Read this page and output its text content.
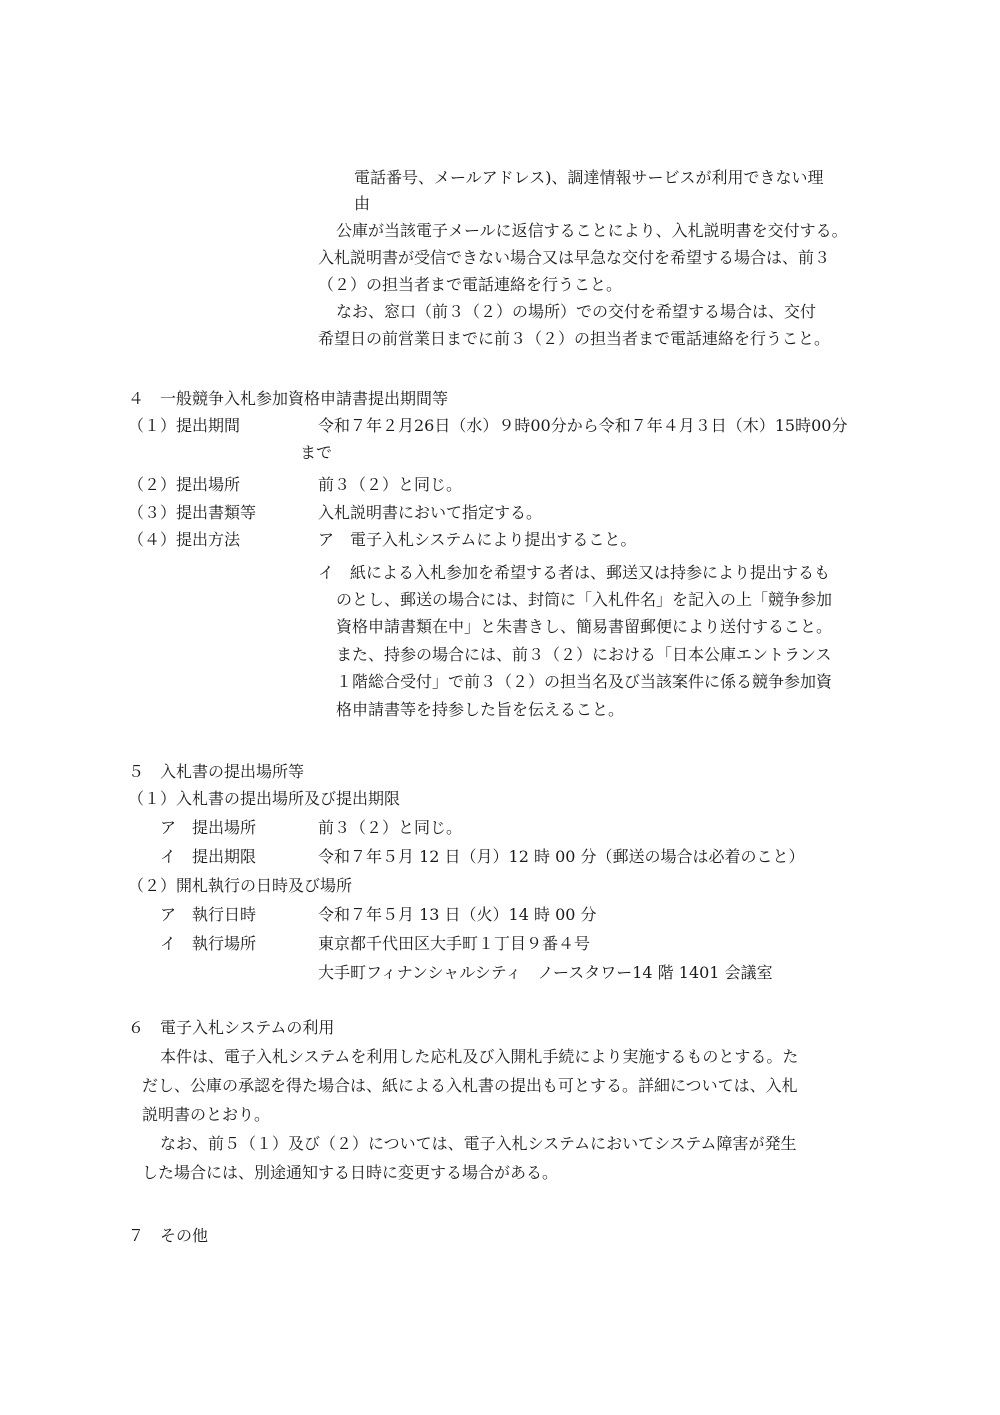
電話番号、メールアドレス)、調達情報サービスが利用できない理
由
公庫が当該電子メールに返信することにより、入札説明書を交付する。
入札説明書が受信できない場合又は早急な交付を希望する場合は、前３
（２）の担当者まで電話連絡を行うこと。
なお、窓口（前３（２）の場所）での交付を希望する場合は、交付
希望日の前営業日までに前３（２）の担当者まで電話連絡を行うこと。
４　一般競争入札参加資格申請書提出期間等
（１）提出期間	令和７年２月26日（水）９時00分から令和７年４月３日（木）15時00分
まで
（２）提出場所	前３（２）と同じ。
（３）提出書類等	入札説明書において指定する。
（４）提出方法	ア　電子入札システムにより提出すること。
イ　紙による入札参加を希望する者は、郵送又は持参により提出するも
のとし、郵送の場合には、封筒に「入札件名」を記入の上「競争参加
資格申請書類在中」と朱書きし、簡易書留郵便により送付すること。
また、持参の場合には、前３（２）における「日本公庫エントランス
１階総合受付」で前３（２）の担当名及び当該案件に係る競争参加資
格申請書等を持参した旨を伝えること。
５　入札書の提出場所等
（１）入札書の提出場所及び提出期限
ア　提出場所	前３（２）と同じ。
イ　提出期限	令和７年５月 12 日（月）12 時 00 分（郵送の場合は必着のこと）
（２）開札執行の日時及び場所
ア　執行日時	令和７年５月 13 日（火）14 時 00 分
イ　執行場所	東京都千代田区大手町１丁目９番４号
大手町フィナンシャルシティ　ノースタワー14 階 1401 会議室
６　電子入札システムの利用
本件は、電子入札システムを利用した応札及び入開札手続により実施するものとする。た
だし、公庫の承認を得た場合は、紙による入札書の提出も可とする。詳細については、入札
説明書のとおり。
なお、前５（１）及び（２）については、電子入札システムにおいてシステム障害が発生
した場合には、別途通知する日時に変更する場合がある。
７　その他
